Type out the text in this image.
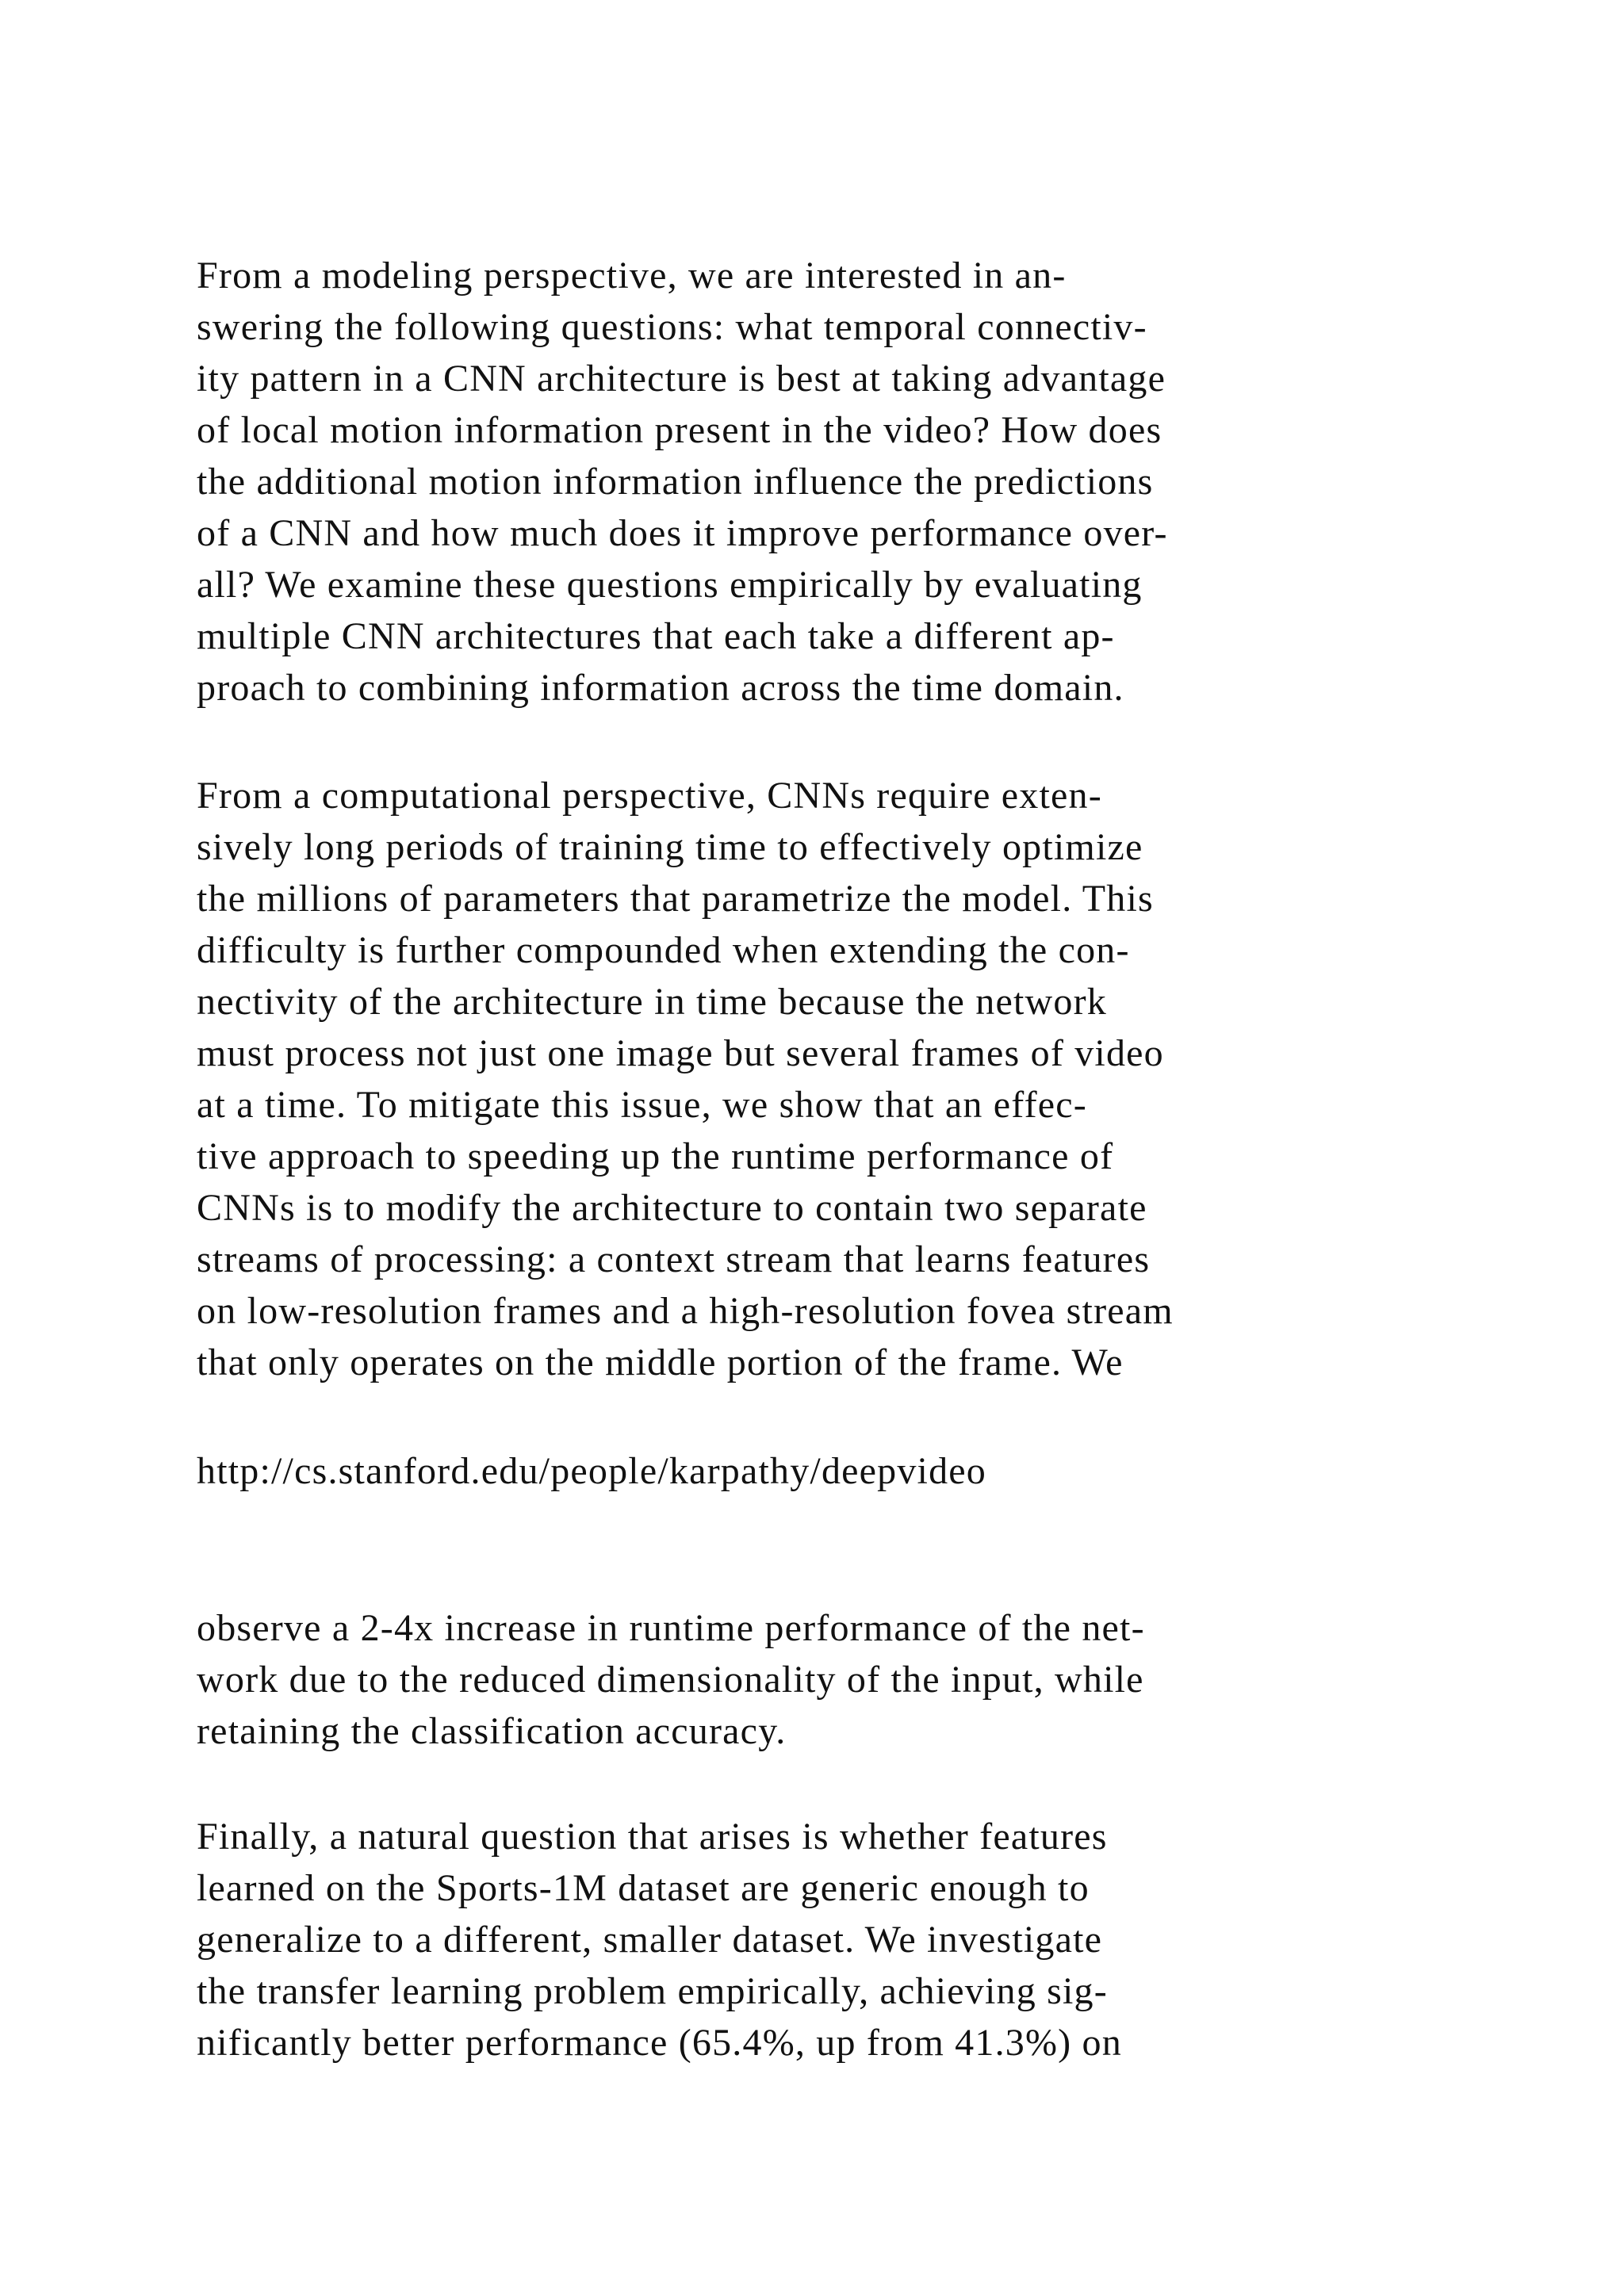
From a modeling perspective, we are interested in an-
swering the following questions: what temporal connectiv-
ity pattern in a CNN architecture is best at taking advantage
of local motion information present in the video? How does
the additional motion information influence the predictions
of a CNN and how much does it improve performance over-
all? We examine these questions empirically by evaluating
multiple CNN architectures that each take a different ap-
proach to combining information across the time domain.
From a computational perspective, CNNs require exten-
sively long periods of training time to effectively optimize
the millions of parameters that parametrize the model. This
difficulty is further compounded when extending the con-
nectivity of the architecture in time because the network
must process not just one image but several frames of video
at a time. To mitigate this issue, we show that an effec-
tive approach to speeding up the runtime performance of
CNNs is to modify the architecture to contain two separate
streams of processing: a context stream that learns features
on low-resolution frames and a high-resolution fovea stream
that only operates on the middle portion of the frame. We
http://cs.stanford.edu/people/karpathy/deepvideo
observe a 2-4x increase in runtime performance of the net-
work due to the reduced dimensionality of the input, while
retaining the classification accuracy.
Finally, a natural question that arises is whether features
learned on the Sports-1M dataset are generic enough to
generalize to a different, smaller dataset. We investigate
the transfer learning problem empirically, achieving sig-
nificantly better performance (65.4%, up from 41.3%) on
